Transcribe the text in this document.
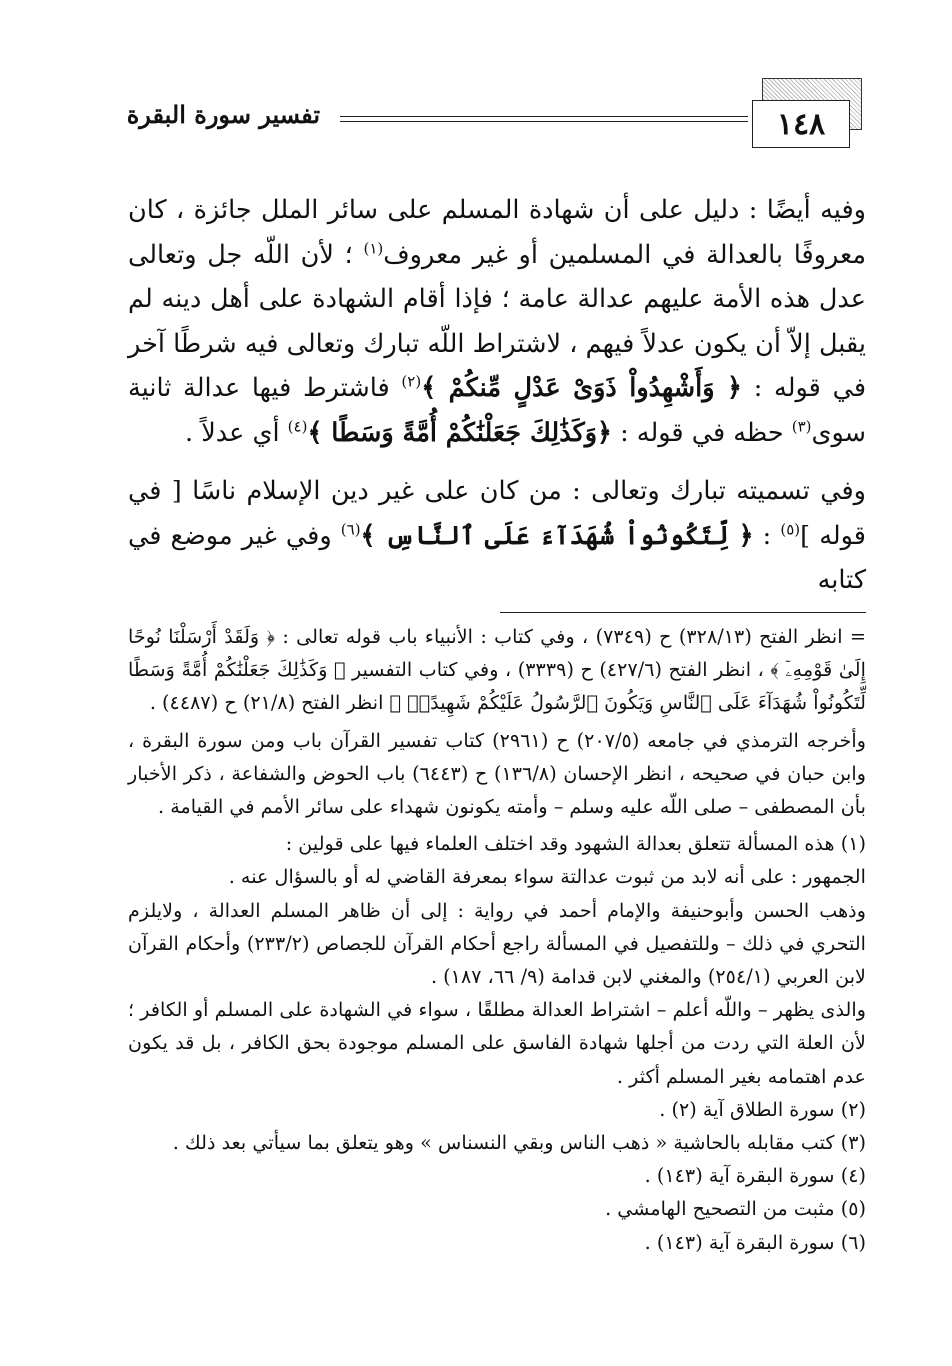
١٤٨
تفسير سورة البقرة

وفيه أيضًا : دليل على أن شهادة المسلم على سائر الملل جائزة ، كان معروفًا بالعدالة في المسلمين أو غير معروف$^{(١)}$ ؛ لأن اللّه جل وتعالى عدل هذه الأمة عليهم عدالة عامة ؛ فإذا أقام الشهادة على أهل دينه لم يقبل إلاّ أن يكون عدلاً فيهم ، لاشتراط اللّه تبارك وتعالى فيه شرطًا آخر في قوله : ﴿ وَأَشْهِدُواْ ذَوَىْ عَدْلٍ مِّنكُمْ ﴾$^{(٢)}$ فاشترط فيها عدالة ثانية سوى$^{(٣)}$ حظه في قوله : ﴿وَكَذَٰلِكَ جَعَلْنَٰكُمْ أُمَّةً وَسَطًا ﴾$^{(٤)}$ أي عدلاً .

وفي تسميته تبارك وتعالى : من كان على غير دين الإسلام ناسًا [ في قوله ]$^{(٥)}$ : ﴿ لِّتَكُونُواْ شُهَدَآءَ عَلَى ٱلنَّاسِ ﴾$^{(٦)}$ وفي غير موضع في كتابه

= انظر الفتح (٣٢٨/١٣) ح (٧٣٤٩) ، وفي كتاب : الأنبياء باب قوله تعالى : ﴿ وَلَقَدْ أَرْسَلْنَا نُوحًا إِلَىٰ قَوْمِهِۦٓ ﴾ ، انظر الفتح (٤٢٧/٦) ح (٣٣٣٩) ، وفي كتاب التفسير ﴿ وَكَذَٰلِكَ جَعَلْنَٰكُمْ أُمَّةً وَسَطًا لِّتَكُونُواْ شُهَدَآءَ عَلَى ٱلنَّاسِ وَيَكُونَ ٱلرَّسُولُ عَلَيْكُمْ شَهِيدًاۗ ﴾ انظر الفتح (٢١/٨) ح (٤٤٨٧) .

وأخرجه الترمذي في جامعه (٢٠٧/٥) ح (٢٩٦١) كتاب تفسير القرآن باب ومن سورة البقرة ، وابن حبان في صحيحه ، انظر الإحسان (١٣٦/٨) ح (٦٤٤٣) باب الحوض والشفاعة ، ذكر الأخبار بأن المصطفى – صلى اللّه عليه وسلم – وأمته يكونون شهداء على سائر الأمم في القيامة .

(١) هذه المسألة تتعلق بعدالة الشهود وقد اختلف العلماء فيها على قولين :

الجمهور : على أنه لابد من ثبوت عدالتة سواء بمعرفة القاضي له أو بالسؤال عنه .

وذهب الحسن وأبوحنيفة والإمام أحمد في رواية : إلى أن ظاهر المسلم العدالة ، ولايلزم التحري في ذلك – وللتفصيل في المسألة راجع أحكام القرآن للجصاص (٢٣٣/٢) وأحكام القرآن لابن العربي (٢٥٤/١) والمغني لابن قدامة (٩/ ٦٦، ١٨٧) .

والذى يظهر – واللّه أعلم – اشتراط العدالة مطلقًا ، سواء في الشهادة على المسلم أو الكافر ؛ لأن العلة التي ردت من أجلها شهادة الفاسق على المسلم موجودة بحق الكافر ، بل قد يكون عدم اهتمامه بغير المسلم أكثر .

(٢) سورة الطلاق آية (٢) .

(٣) كتب مقابله بالحاشية « ذهب الناس وبقي النسناس » وهو يتعلق بما سيأتي بعد ذلك .

(٤) سورة البقرة آية (١٤٣) .

(٥) مثبت من التصحيح الهامشي .

(٦) سورة البقرة آية (١٤٣) .
